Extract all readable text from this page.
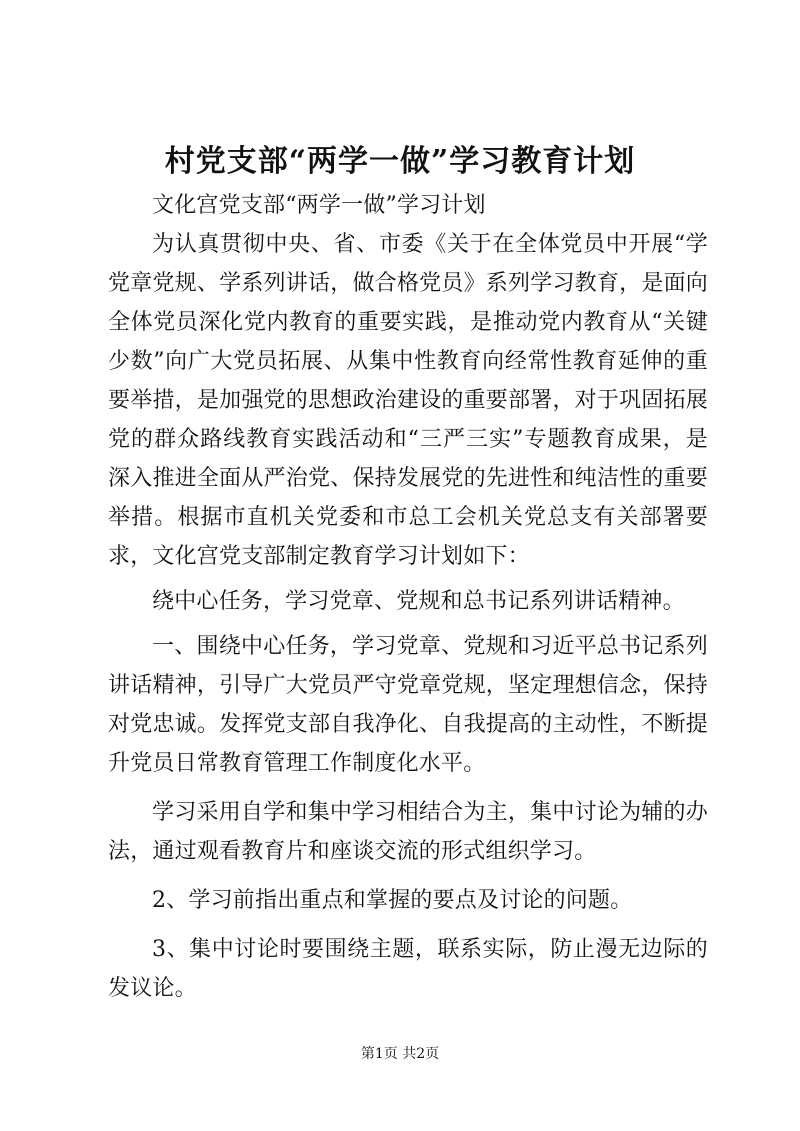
村党支部“两学一做”学习教育计划

文化宫党支部“两学一做”学习计划

为认真贯彻中央、省、市委《关于在全体党员中开展“学党章党规、学系列讲话，做合格党员》系列学习教育，是面向全体党员深化党内教育的重要实践，是推动党内教育从“关键少数”向广大党员拓展、从集中性教育向经常性教育延伸的重要举措，是加强党的思想政治建设的重要部署，对于巩固拓展党的群众路线教育实践活动和“三严三实”专题教育成果，是深入推进全面从严治党、保持发展党的先进性和纯洁性的重要举措。根据市直机关党委和市总工会机关党总支有关部署要求，文化宫党支部制定教育学习计划如下：

绕中心任务，学习党章、党规和总书记系列讲话精神。

一、围绕中心任务，学习党章、党规和习近平总书记系列讲话精神，引导广大党员严守党章党规，坚定理想信念，保持对党忠诚。发挥党支部自我净化、自我提高的主动性，不断提升党员日常教育管理工作制度化水平。

学习采用自学和集中学习相结合为主，集中讨论为辅的办法，通过观看教育片和座谈交流的形式组织学习。

2、学习前指出重点和掌握的要点及讨论的问题。

3、集中讨论时要围绕主题，联系实际，防止漫无边际的发议论。

第1页 共2页
